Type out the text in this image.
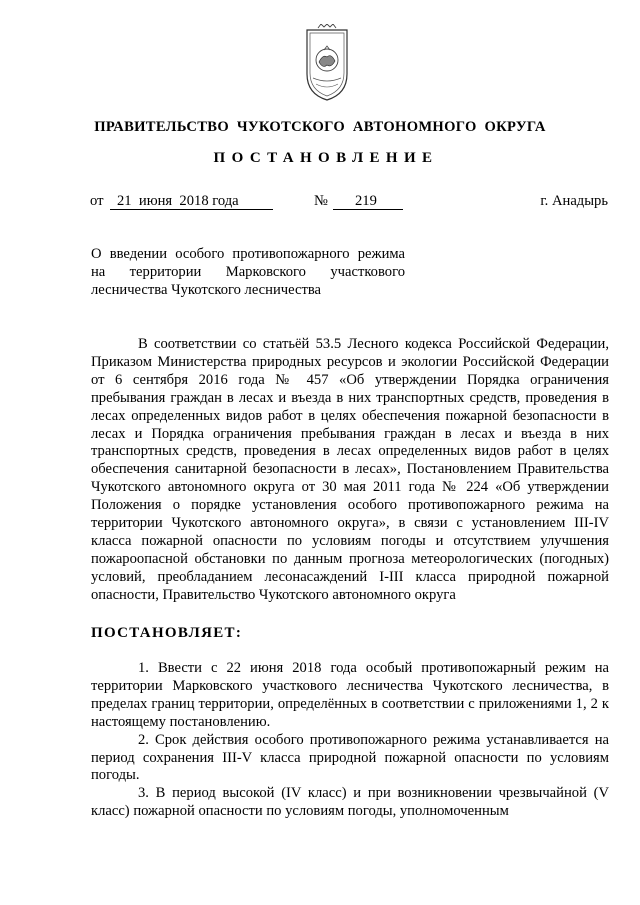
ПРАВИТЕЛЬСТВО  ЧУКОТСКОГО  АВТОНОМНОГО  ОКРУГА
ПОСТАНОВЛЕНИЕ
от 21  июня  2018 года	№ 219	г. Анадырь
О введении особого противопожарного режима
на территории Марковского участкового
лесничества Чукотского лесничества

В соответствии со статьёй 53.5 Лесного кодекса Российской Федерации, Приказом Министерства природных ресурсов и экологии Российской Федерации от 6 сентября 2016 года № 457 «Об утверждении Порядка ограничения пребывания граждан в лесах и въезда в них транспортных средств, проведения в лесах определенных видов работ в целях обеспечения пожарной безопасности в лесах и Порядка ограничения пребывания граждан в лесах и въезда в них транспортных средств, проведения в лесах определенных видов работ в целях обеспечения санитарной безопасности в лесах», Постановлением Правительства Чукотского автономного округа от 30 мая 2011 года № 224 «Об утверждении Положения о порядке установления особого противопожарного режима на территории Чукотского автономного округа», в связи с установлением III-IV класса пожарной опасности по условиям погоды и отсутствием улучшения пожароопасной обстановки по данным прогноза метеорологических (погодных) условий, преобладанием лесонасаждений I-III класса природной пожарной опасности, Правительство Чукотского автономного округа

ПОСТАНОВЛЯЕТ:
1. Ввести с 22 июня 2018 года особый противопожарный режим на территории Марковского участкового лесничества Чукотского лесничества, в пределах границ территории, определённых в соответствии с приложениями 1, 2 к настоящему постановлению.
2. Срок действия особого противопожарного режима устанавливается на период сохранения III-V класса природной пожарной опасности по условиям погоды.
3. В период высокой (IV класс) и при возникновении чрезвычайной (V класс) пожарной опасности по условиям погоды, уполномоченным
